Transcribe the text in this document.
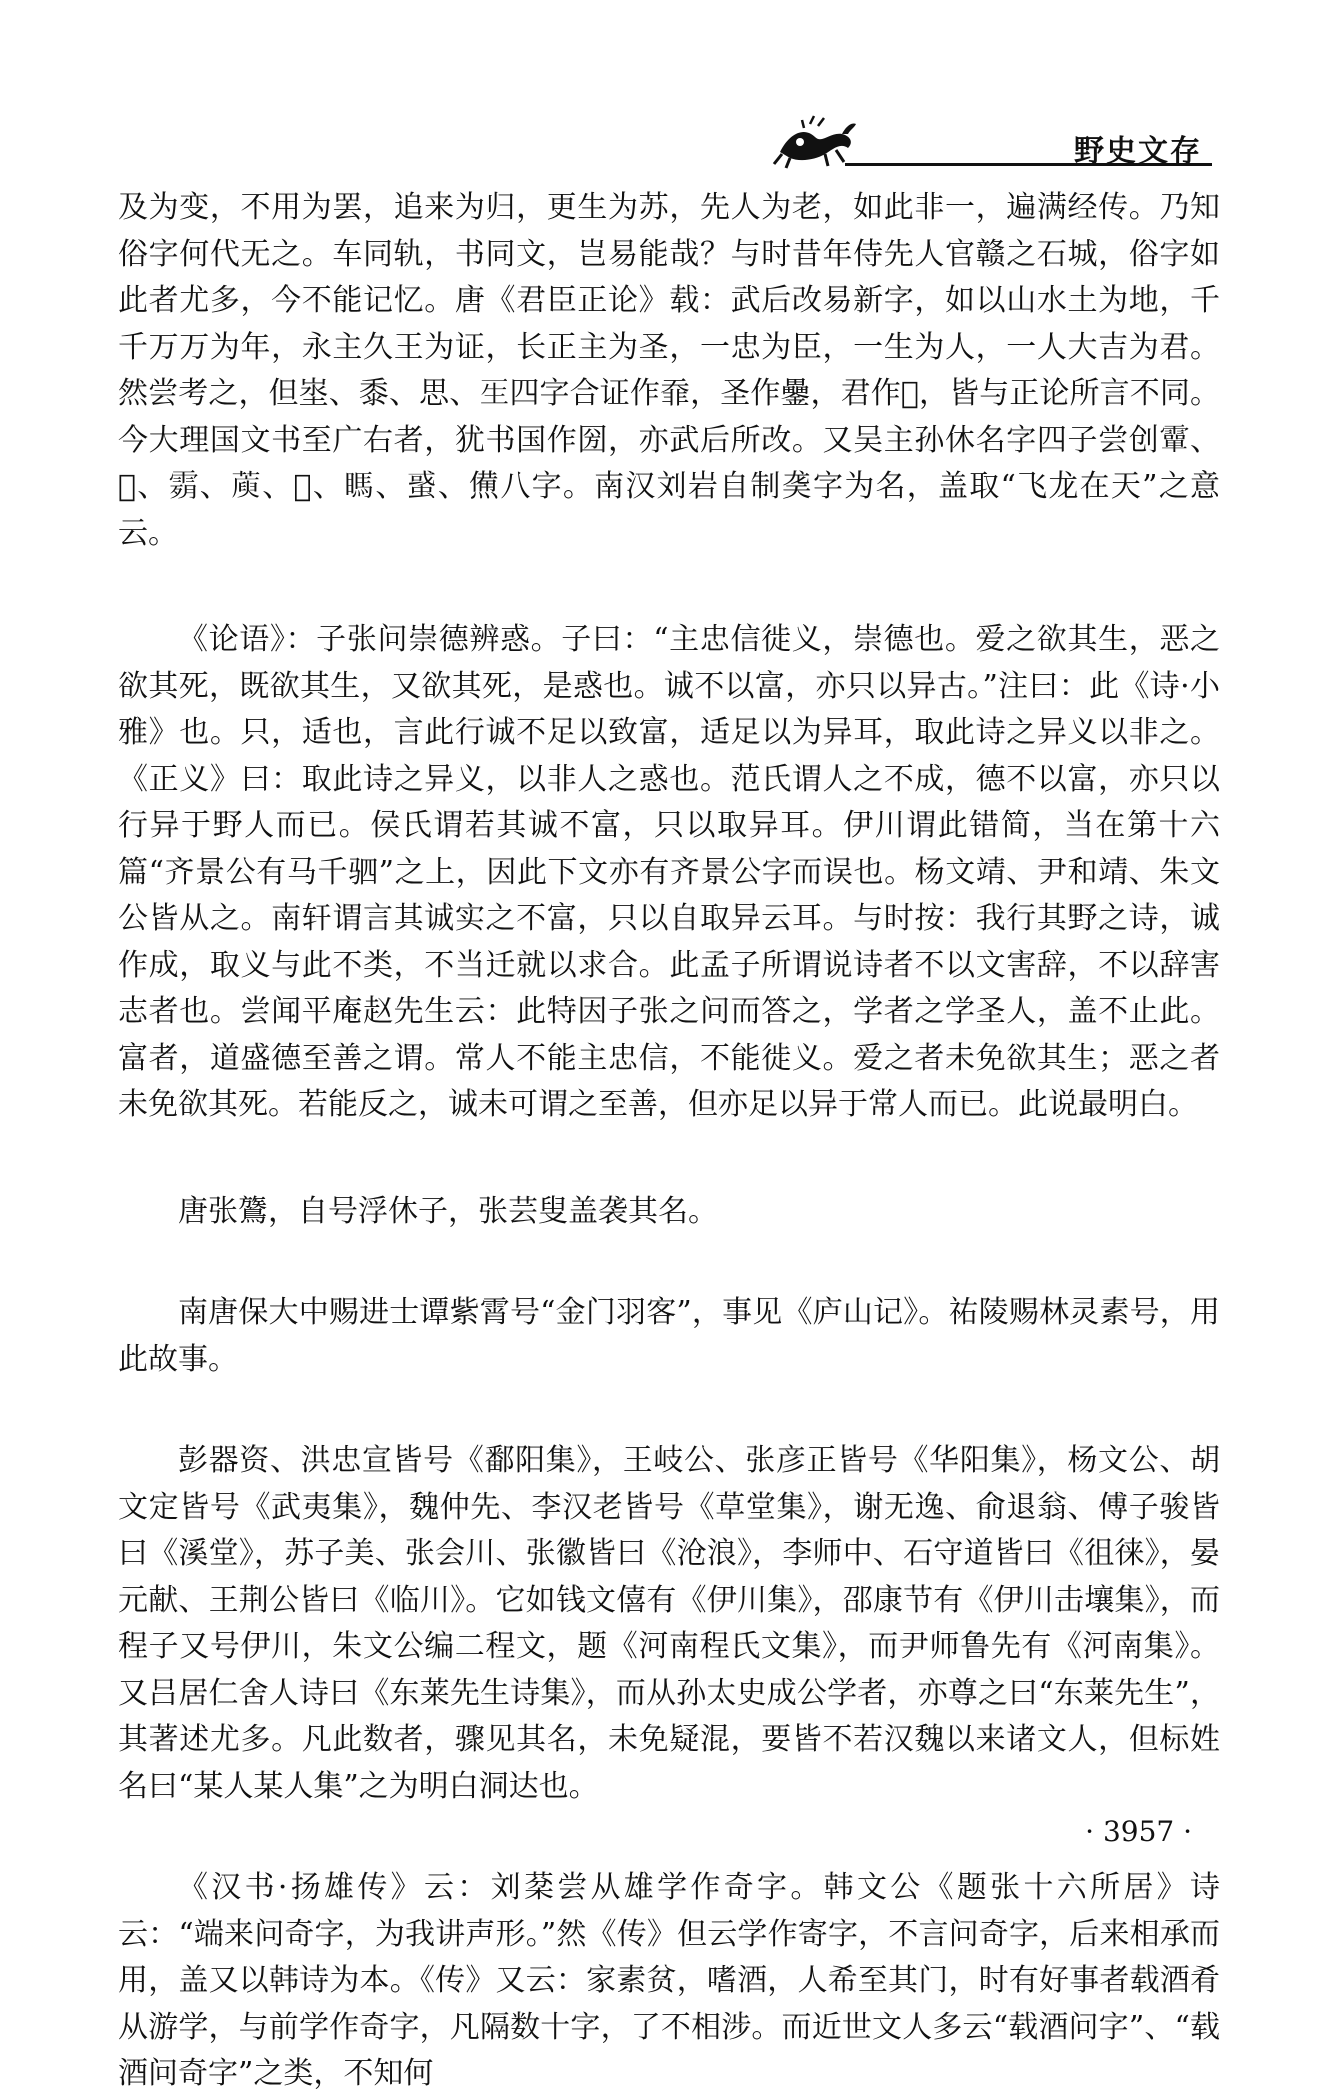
野史文存

及为变，不用为罢，追来为归，更生为苏，先人为老，如此非一，遍满经传。乃知俗字何代无之。车同轨，书同文，岂易能哉？与时昔年侍先人官赣之石城，俗字如此者尤多，今不能记忆。唐《君臣正论》载：武后改易新字，如以山水土为地，千千万万为年，永主久王为证，长正主为圣，一忠为臣，一生为人，一人大吉为君。然尝考之，但埊、黍、思、𤯔四字合证作䨿，圣作𨯔，君作𠁈，皆与正论所言不同。今大理国文书至广右者，犹书国作圀，亦武后所改。又吴主孙休名字四子尝创𩅦、𠷬、𩃴、𦺮、𧶁、𥉊、𧌒、㷶八字。南汉刘岩自制䶮字为名，盖取“飞龙在天”之意云。

《论语》：子张问崇德辨惑。子曰：“主忠信徙义，崇德也。爱之欲其生，恶之欲其死，既欲其生，又欲其死，是惑也。诚不以富，亦只以异古。”注曰：此《诗·小雅》也。只，适也，言此行诚不足以致富，适足以为异耳，取此诗之异义以非之。《正义》曰：取此诗之异义，以非人之惑也。范氏谓人之不成，德不以富，亦只以行异于野人而已。侯氏谓若其诚不富，只以取异耳。伊川谓此错简，当在第十六篇“齐景公有马千驷”之上，因此下文亦有齐景公字而误也。杨文靖、尹和靖、朱文公皆从之。南轩谓言其诚实之不富，只以自取异云耳。与时按：我行其野之诗，诚作成，取义与此不类，不当迁就以求合。此孟子所谓说诗者不以文害辞，不以辞害志者也。尝闻平庵赵先生云：此特因子张之问而答之，学者之学圣人，盖不止此。富者，道盛德至善之谓。常人不能主忠信，不能徙义。爱之者未免欲其生；恶之者未免欲其死。若能反之，诚未可谓之至善，但亦足以异于常人而已。此说最明白。

唐张鷟，自号浮休子，张芸叟盖袭其名。

南唐保大中赐进士谭紫霄号“金门羽客”，事见《庐山记》。祐陵赐林灵素号，用此故事。

彭器资、洪忠宣皆号《鄱阳集》，王岐公、张彦正皆号《华阳集》，杨文公、胡文定皆号《武夷集》，魏仲先、李汉老皆号《草堂集》，谢无逸、俞退翁、傅子骏皆曰《溪堂》，苏子美、张会川、张徽皆曰《沧浪》，李师中、石守道皆曰《徂徕》，晏元献、王荆公皆曰《临川》。它如钱文僖有《伊川集》，邵康节有《伊川击壤集》，而程子又号伊川，朱文公编二程文，题《河南程氏文集》，而尹师鲁先有《河南集》。又吕居仁舍人诗曰《东莱先生诗集》，而从孙太史成公学者，亦尊之曰“东莱先生”，其著述尤多。凡此数者，骤见其名，未免疑混，要皆不若汉魏以来诸文人，但标姓名曰“某人某人集”之为明白洞达也。

《汉书·扬雄传》云：刘棻尝从雄学作奇字。韩文公《题张十六所居》诗云：“端来问奇字，为我讲声形。”然《传》但云学作寄字，不言问奇字，后来相承而用，盖又以韩诗为本。《传》又云：家素贫，嗜酒，人希至其门，时有好事者载酒肴从游学，与前学作奇字，凡隔数十字，了不相涉。而近世文人多云“载酒问字”、“载酒问奇字”之类，不知何

· 3957 ·
